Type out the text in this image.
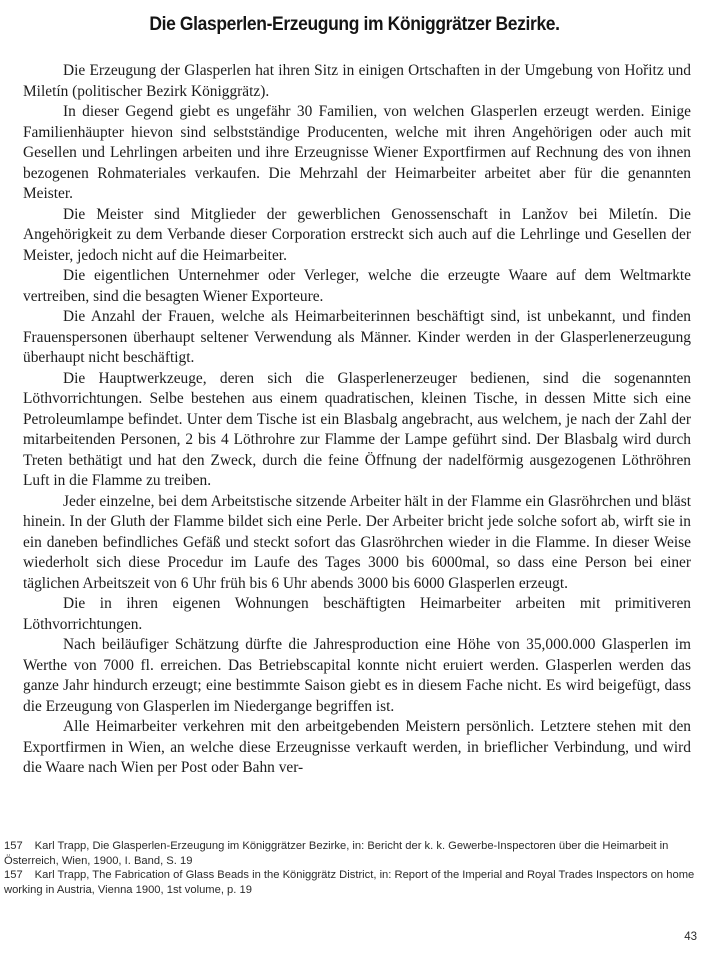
Die Glasperlen-Erzeugung im Königgrätzer Bezirke.

Die Erzeugung der Glasperlen hat ihren Sitz in einigen Ortschaften in der Umgebung von Hořitz und Miletín (politischer Bezirk Königgrätz).

In dieser Gegend giebt es ungefähr 30 Familien, von welchen Glasperlen erzeugt werden. Einige Familienhäupter hievon sind selbstständige Producenten, welche mit ihren Angehörigen oder auch mit Gesellen und Lehrlingen arbeiten und ihre Erzeugnisse Wiener Exportfirmen auf Rechnung des von ihnen bezogenen Rohmateriales verkaufen. Die Mehrzahl der Heimarbeiter arbeitet aber für die genannten Meister.

Die Meister sind Mitglieder der gewerblichen Genossenschaft in Lanžov bei Miletín. Die Angehörigkeit zu dem Verbande dieser Corporation erstreckt sich auch auf die Lehrlinge und Gesellen der Meister, jedoch nicht auf die Heimarbeiter.

Die eigentlichen Unternehmer oder Verleger, welche die erzeugte Waare auf dem Weltmarkte vertreiben, sind die besagten Wiener Exporteure.

Die Anzahl der Frauen, welche als Heimarbeiterinnen beschäftigt sind, ist unbekannt, und finden Frauenspersonen überhaupt seltener Verwendung als Männer. Kinder werden in der Glasperlenerzeugung überhaupt nicht beschäftigt.

Die Hauptwerkzeuge, deren sich die Glasperlenerzeuger bedienen, sind die sogenannten Löthvorrichtungen. Selbe bestehen aus einem quadratischen, kleinen Tische, in dessen Mitte sich eine Petroleumlampe befindet. Unter dem Tische ist ein Blasbalg angebracht, aus welchem, je nach der Zahl der mitarbeitenden Personen, 2 bis 4 Löthrohre zur Flamme der Lampe geführt sind. Der Blasbalg wird durch Treten bethätigt und hat den Zweck, durch die feine Öffnung der nadelförmig ausgezogenen Löthröhren Luft in die Flamme zu treiben.

Jeder einzelne, bei dem Arbeitstische sitzende Arbeiter hält in der Flamme ein Glasröhrchen und bläst hinein. In der Gluth der Flamme bildet sich eine Perle. Der Arbeiter bricht jede solche sofort ab, wirft sie in ein daneben befindliches Gefäß und steckt sofort das Glasröhrchen wieder in die Flamme. In dieser Weise wiederholt sich diese Procedur im Laufe des Tages 3000 bis 6000mal, so dass eine Person bei einer täglichen Arbeitszeit von 6 Uhr früh bis 6 Uhr abends 3000 bis 6000 Glasperlen erzeugt.

Die in ihren eigenen Wohnungen beschäftigten Heimarbeiter arbeiten mit primitiveren Löthvorrichtungen.

Nach beiläufiger Schätzung dürfte die Jahresproduction eine Höhe von 35,000.000 Glasperlen im Werthe von 7000 fl. erreichen. Das Betriebscapital konnte nicht eruiert werden. Glasperlen werden das ganze Jahr hindurch erzeugt; eine bestimmte Saison giebt es in diesem Fache nicht. Es wird beigefügt, dass die Erzeugung von Glasperlen im Niedergange begriffen ist.

Alle Heimarbeiter verkehren mit den arbeitgebenden Meistern persönlich. Letztere stehen mit den Exportfirmen in Wien, an welche diese Erzeugnisse verkauft werden, in brieflicher Verbindung, und wird die Waare nach Wien per Post oder Bahn ver-

157 Karl Trapp, Die Glasperlen-Erzeugung im Königgrätzer Bezirke, in: Bericht der k. k. Gewerbe-Inspectoren über die Heimarbeit in Österreich, Wien, 1900, I. Band, S. 19

157 Karl Trapp, The Fabrication of Glass Beads in the Königgrätz District, in: Report of the Imperial and Royal Trades Inspectors on home working in Austria, Vienna 1900, 1st volume, p. 19

43
